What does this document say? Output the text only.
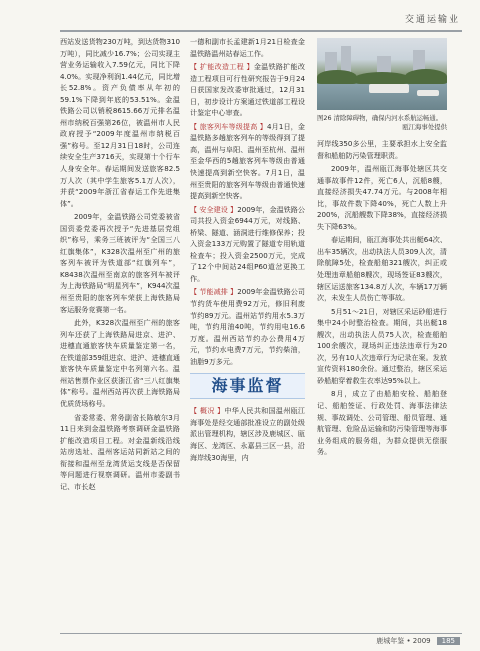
交通运输业

西站发送货物230万吨，到达货物310万吨），同比减少16.7%；公司实现主营业务运输收入7.59亿元，同比下降4.0%。实现净利润1.44亿元，同比增长52.8%。资产负债率从年初的59.1%下降到年底的53.51%。金温铁路公司以销税8615.66万元排名温州市纳税百强第26位，被温州市人民政府授予“2009年度温州市纳税百强”称号。至12月31日18时，公司连续安全生产3716天，实现第十个行车人身安全年。春运期间发送旅客82.5万人次（其中学生旅客5.1万人次），并获“2009年浙江省春运工作先进集体”。

2009年，金温铁路公司党委被省国资委党委再次授予“先进基层党组织”称号，乘务三班被评为“全国三八红旗集体”，K328次温州至广州的旅客列车被评为铁道部“红旗列车”，K8438次温州至南京的旅客列车被评为上海铁路局“明星列车”，K944次温州至贵阳的旅客列车荣获上海铁路局客运服务竞赛第一名。

此外，K328次温州至广州的旅客列车还获了上海铁路局进京、进沪、进穗直通旅客快车质量鉴定第一名，在铁道部359组进京、进沪、进穗直通旅客快车质量鉴定中名列第六名。温州站售票作业区获浙江省“三八红旗集体”称号。温州西站再次获上海铁路局优质货场称号。

省委常委、常务副省长陈敏尔3月11日来到金温铁路考察调研金温铁路扩能改造项目工程。对金温新线沿线站房选址、温州客运站同新站之间的衔接和温州至龙湾货运支线是否保留等问题进行视察调研。温州市委副书记、市长赵

一德和副市长孟建新1月21日检查金温铁路温州站春运工作。

【 扩能改造工程 】金温铁路扩能改造工程项目可行性研究报告于9月24日获国家发改委审批通过，12月31日，初步设计方案通过铁道部工程设计鉴定中心审查。

【 旅客列车等级提高 】4月1日，金温铁路多趟旅客列车的等级得到了提高，温州与阜阳、温州至杭州、温州至金华西的5趟旅客列车等级由普通快速提高到新空快客。7月1日，温州至贵阳的旅客列车等级由普通快速提高到新空快客。

【 安全建设 】2009年，金温铁路公司共投入资金6944万元，对线路、桥梁、隧道、涵洞进行维修保养；投入资金133万元购置了隧道专用轨道检查车；投入资金2500万元，完成了12个中间站24组P60道岔更换工作。

【 节能减排 】2009年金温铁路公司节约货车使用费92万元，修旧利废节约89万元。温州站节约用水5.3万吨，节约用油40吨，节约用电16.6万度。温州西站节约办公费用4万元，节约水电费7万元，节约柴油，油脂9万多元。

海事监督

【 概况 】中华人民共和国温州瓯江海事处是经交通部批准设立的副处级派出管理机构，辖区涉及鹿城区、瓯海区、龙湾区、永嘉县三区一县，沿海岸线30海里，内

图26 清除障碍物，确保内河水系航运畅通。
瓯江海事处提供

河岸线350多公里，主要承担水上安全监督和船舶防污染管理职责。

2009年，温州瓯江海事处辖区共交通事故事件12件，死亡6人，沉船8艘，直接经济损失47.74万元。与2008年相比，事故件数下降40%，死亡人数上升200%，沉船艘数下降38%，直接经济损失下降63%。

春运期间，瓯江海事处共出艇64次、出车35辆次，出动执法人员309人次，清除航障5处，检查船舶321艘次，纠正或处理违章船舶8艘次，现场签证83艘次，辖区运送旅客134.8万人次，车辆17万辆次，未发生人员伤亡等事故。

5月51～21日，对辖区采运砂船进行集中24小时整治检查。期间，共出艇18艘次，出动执法人员75人次，检查船舶100余艘次，现场纠正违法违章行为20次，另有10人次违章行为记录在案。发放宣传资料180余份。通过整治，辖区采运砂船舶穿着救生衣率达95%以上。

8月，成立了由船舶安检、船舶登记、船舶签证、行政处罚、海事法律法规、事故调处、公司管理、船员管理、通航管理、危险品运输和防污染管理等海事业务组成的服务组，为群众提供无偿服务。

鹿城年鉴 • 2009 185
